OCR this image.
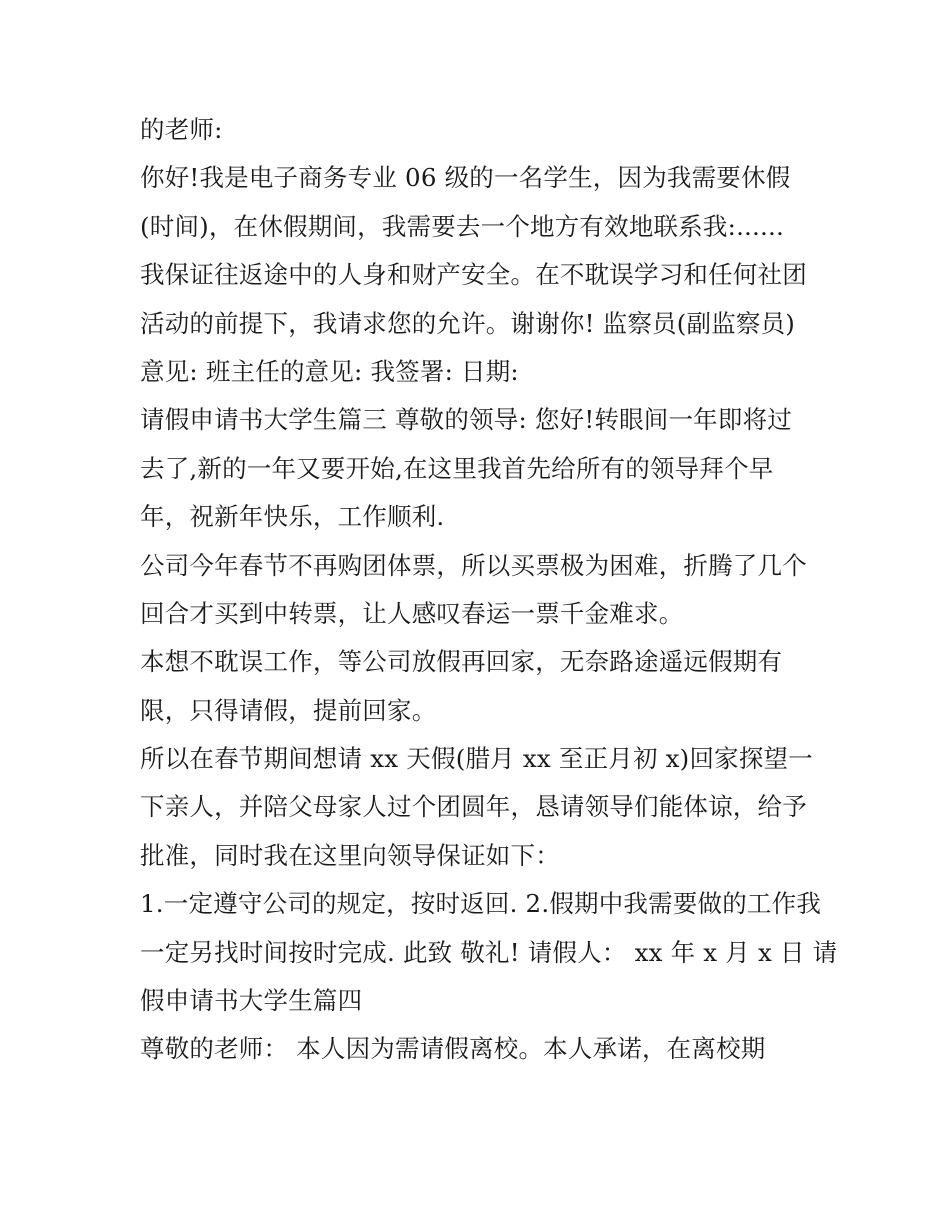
的老师:
你好!我是电子商务专业 06 级的一名学生，因为我需要休假
(时间)，在休假期间，我需要去一个地方有效地联系我:......
我保证往返途中的人身和财产安全。在不耽误学习和任何社团
活动的前提下，我请求您的允许。谢谢你! 监察员(副监察员)
意见: 班主任的意见: 我签署: 日期:
请假申请书大学生篇三 尊敬的领导: 您好!转眼间一年即将过
去了,新的一年又要开始,在这里我首先给所有的领导拜个早
年，祝新年快乐，工作顺利.
公司今年春节不再购团体票，所以买票极为困难，折腾了几个
回合才买到中转票，让人感叹春运一票千金难求。
本想不耽误工作，等公司放假再回家，无奈路途遥远假期有
限，只得请假，提前回家。
所以在春节期间想请 xx 天假(腊月 xx 至正月初 x)回家探望一
下亲人，并陪父母家人过个团圆年，恳请领导们能体谅，给予
批准，同时我在这里向领导保证如下：
1.一定遵守公司的规定，按时返回. 2.假期中我需要做的工作我
一定另找时间按时完成. 此致 敬礼! 请假人： xx 年 x 月 x 日 请
假申请书大学生篇四
尊敬的老师： 本人因为需请假离校。本人承诺，在离校期
